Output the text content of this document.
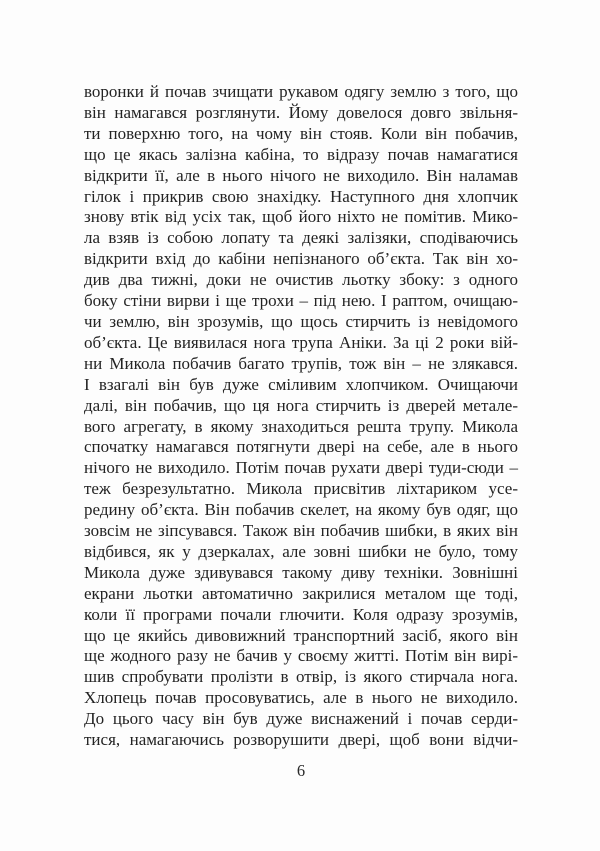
воронки й почав зчищати рукавом одягу землю з того, що
він намагався розглянути. Йому довелося довго звільня-
ти поверхню того, на чому він стояв. Коли він побачив,
що це якась залізна кабіна, то відразу почав намагатися
відкрити її, але в нього нічого не виходило. Він наламав
гілок і прикрив свою знахідку. Наступного дня хлопчик
знову втік від усіх так, щоб його ніхто не помітив. Мико-
ла взяв із собою лопату та деякі залізяки, сподіваючись
відкрити вхід до кабіни непізнаного об’єкта. Так він хо-
див два тижні, доки не очистив льотку збоку: з одного
боку стіни вирви і ще трохи – під нею. І раптом, очищаю-
чи землю, він зрозумів, що щось стирчить із невідомого
об’єкта. Це виявилася нога трупа Аніки. За ці 2 роки вій-
ни Микола побачив багато трупів, тож він – не злякався.
І взагалі він був дуже сміливим хлопчиком. Очищаючи
далі, він побачив, що ця нога стирчить із дверей метале-
вого агрегату, в якому знаходиться решта трупу. Микола
спочатку намагався потягнути двері на себе, але в нього
нічого не виходило. Потім почав рухати двері туди-сюди –
теж безрезультатно. Микола присвітив ліхтариком усе-
редину об’єкта. Він побачив скелет, на якому був одяг, що
зовсім не зіпсувався. Також він побачив шибки, в яких він
відбився, як у дзеркалах, але зовні шибки не було, тому
Микола дуже здивувався такому диву техніки. Зовнішні
екрани льотки автоматично закрилися металом ще тоді,
коли її програми почали глючити. Коля одразу зрозумів,
що це якийсь дивовижний транспортний засіб, якого він
ще жодного разу не бачив у своєму житті. Потім він вирі-
шив спробувати пролізти в отвір, із якого стирчала нога.
Хлопець почав просовуватись, але в нього не виходило.
До цього часу він був дуже виснажений і почав серди-
тися, намагаючись розворушити двері, щоб вони відчи-
6
